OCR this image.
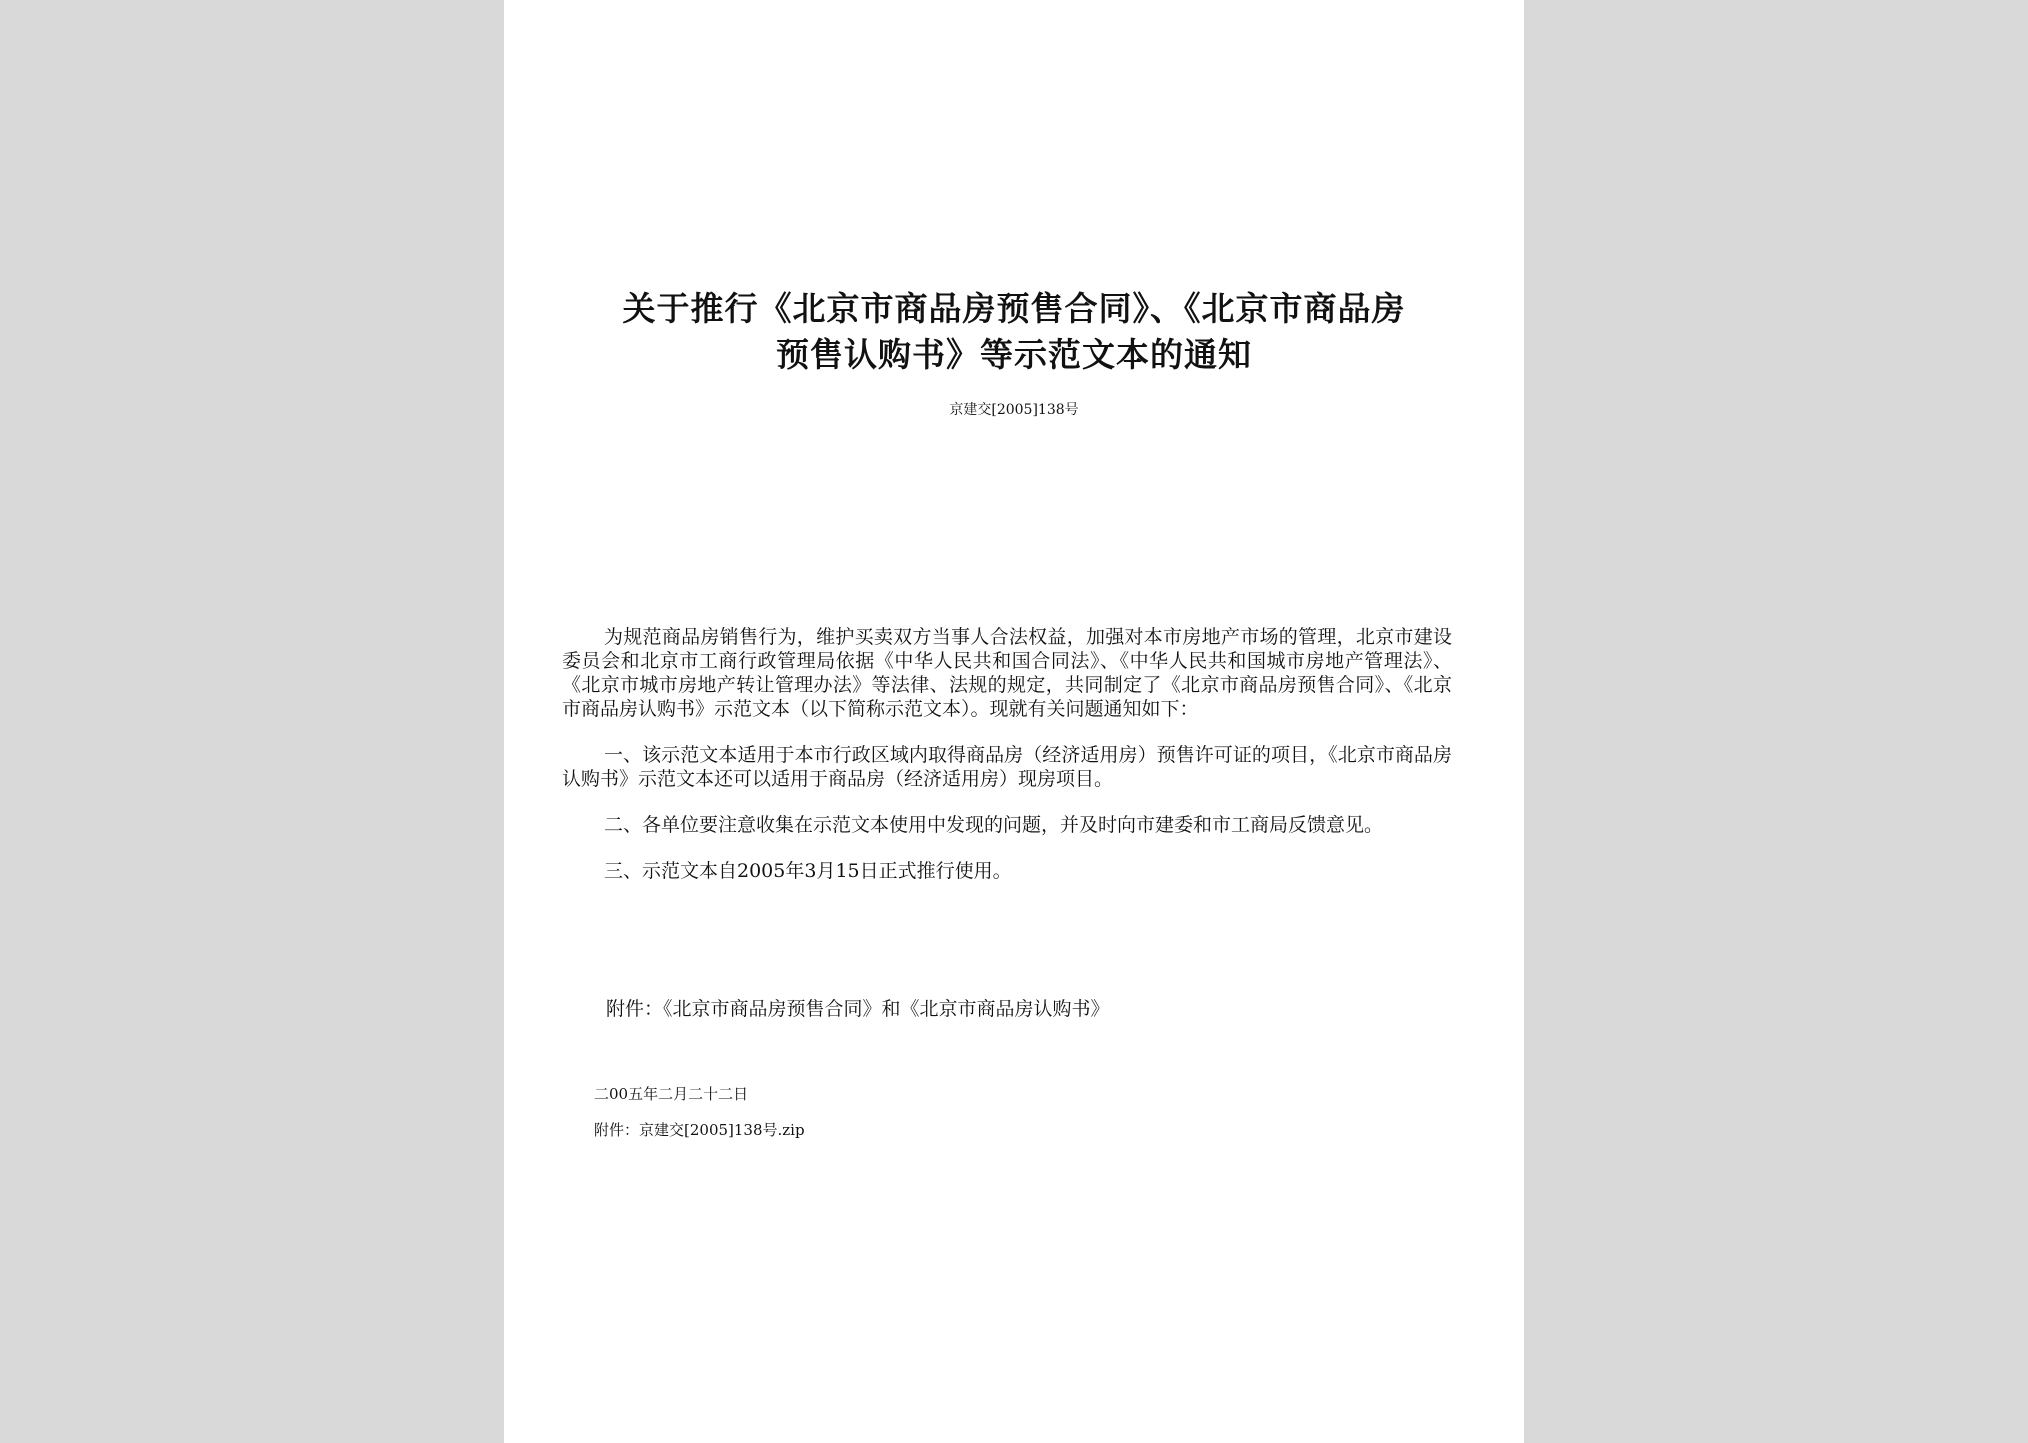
关于推行《北京市商品房预售合同》、《北京市商品房
预售认购书》等示范文本的通知
京建交[2005]138号

为规范商品房销售行为，维护买卖双方当事人合法权益，加强对本市房地产市场的管理，北京市建设委员会和北京市工商行政管理局依据《中华人民共和国合同法》、《中华人民共和国城市房地产管理法》、《北京市城市房地产转让管理办法》等法律、法规的规定，共同制定了《北京市商品房预售合同》、《北京市商品房认购书》示范文本（以下简称示范文本）。现就有关问题通知如下：

一、该示范文本适用于本市行政区域内取得商品房（经济适用房）预售许可证的项目，《北京市商品房认购书》示范文本还可以适用于商品房（经济适用房）现房项目。

二、各单位要注意收集在示范文本使用中发现的问题，并及时向市建委和市工商局反馈意见。

三、示范文本自2005年3月15日正式推行使用。

附件：《北京市商品房预售合同》和《北京市商品房认购书》
二00五年二月二十二日
附件：京建交[2005]138号.zip
